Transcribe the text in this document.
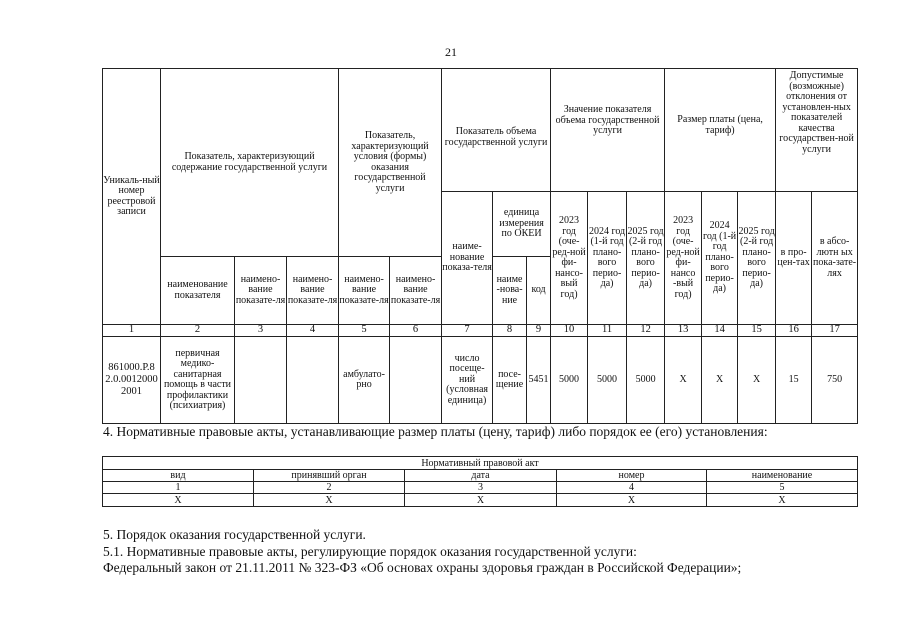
21
Уникаль-ный номер реестровой записи	Показатель, характеризующий содержание государственной услуги			Показатель, характеризующий условия (формы) оказания государственной услуги		Показатель объема государственной услуги			Значение показателя объема государственной услуги			Размер платы (цена, тариф)			Допустимые (возможные) отклонения от установлен-ных показателей качества государствен-ной услуги	
						наиме-нование показа-теля	единица измерения по ОКЕИ		2023 год (оче-ред-ной фи-нансо-вый год)	2024 год (1-й год плано-вого перио-да)	2025 год (2-й год плано-вого перио-да)	2023 год (оче-ред-ной фи-нансо -вый год)	2024 год (1-й год плано-вого перио-да)	2025 год (2-й год плано-вого перио-да)	в про-цен-тах	в абсо-лютн ых пока-зате-лях
	наименование показателя	наимено-вание показате-ля	наимено-вание показате-ля	наимено-вание показате-ля	наимено-вание показате-ля		наиме -нова-ние	код								
1	2	3	4	5	6	7	8	9	10	11	12	13	14	15	16	17
861000.Р.82.0.00120002001	первичная медико-санитарная помощь в части профилактики (психиатрия)			амбулато-рно		число посеще-ний (условная единица)	посе-щение	5451	5000	5000	5000	X	X	X	15	750
4. Нормативные правовые акты, устанавливающие размер платы (цену, тариф) либо порядок ее (его) установления:
Нормативный правовой акт				
вид	принявший орган	дата	номер	наименование
1	2	3	4	5
X	X	X	X	X
5. Порядок оказания государственной услуги.
5.1. Нормативные правовые акты, регулирующие порядок оказания государственной услуги:
Федеральный закон от 21.11.2011 № 323-ФЗ «Об основах охраны здоровья граждан в Российской Федерации»;
